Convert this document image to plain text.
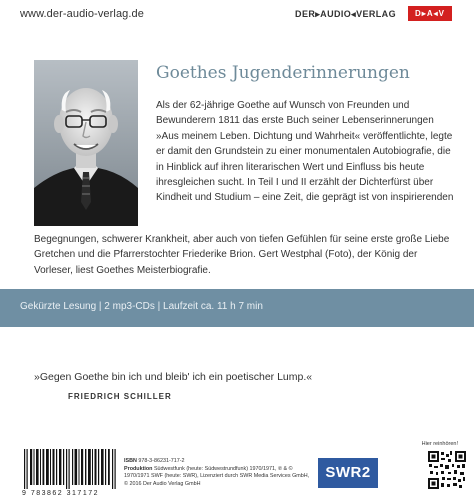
www.der-audio-verlag.de	DER▸AUDIO◂VERLAG	D▸A◂V
Goethes Jugenderinnerungen

Als der 62-jährige Goethe auf Wunsch von Freunden und Bewunderern 1811 das erste Buch seiner Lebenserinnerungen »Aus meinem Leben. Dichtung und Wahrheit« veröffentlichte, legte er damit den Grundstein zu einer monumentalen Autobiografie, die in Hinblick auf ihren literarischen Wert und Einfluss bis heute ihresgleichen sucht. In Teil I und II erzählt der Dichterfürst über Kindheit und Studium – eine Zeit, die geprägt ist von inspirierenden

Begegnungen, schwerer Krankheit, aber auch von tiefen Gefühlen für seine erste große Liebe Gretchen und die Pfarrerstochter Friederike Brion. Gert Westphal (Foto), der König der Vorleser, liest Goethes Meisterbiografie.

Gekürzte Lesung | 2 mp3-CDs | Laufzeit ca. 11 h 7 min
»Gegen Goethe bin ich und bleib' ich ein poetischer Lump.«
FRIEDRICH SCHILLER
9 783862 317172
ISBN 978-3-86231-717-2
Produktion Südwestfunk (heute: Südwestrundfunk) 1970/1971, ℗ & ©
1970/1971 SWF (heute: SWR), Lizenziert durch SWR Media Services GmbH,
© 2016 Der Audio Verlag GmbH
SWR2
Hier reinhören!
